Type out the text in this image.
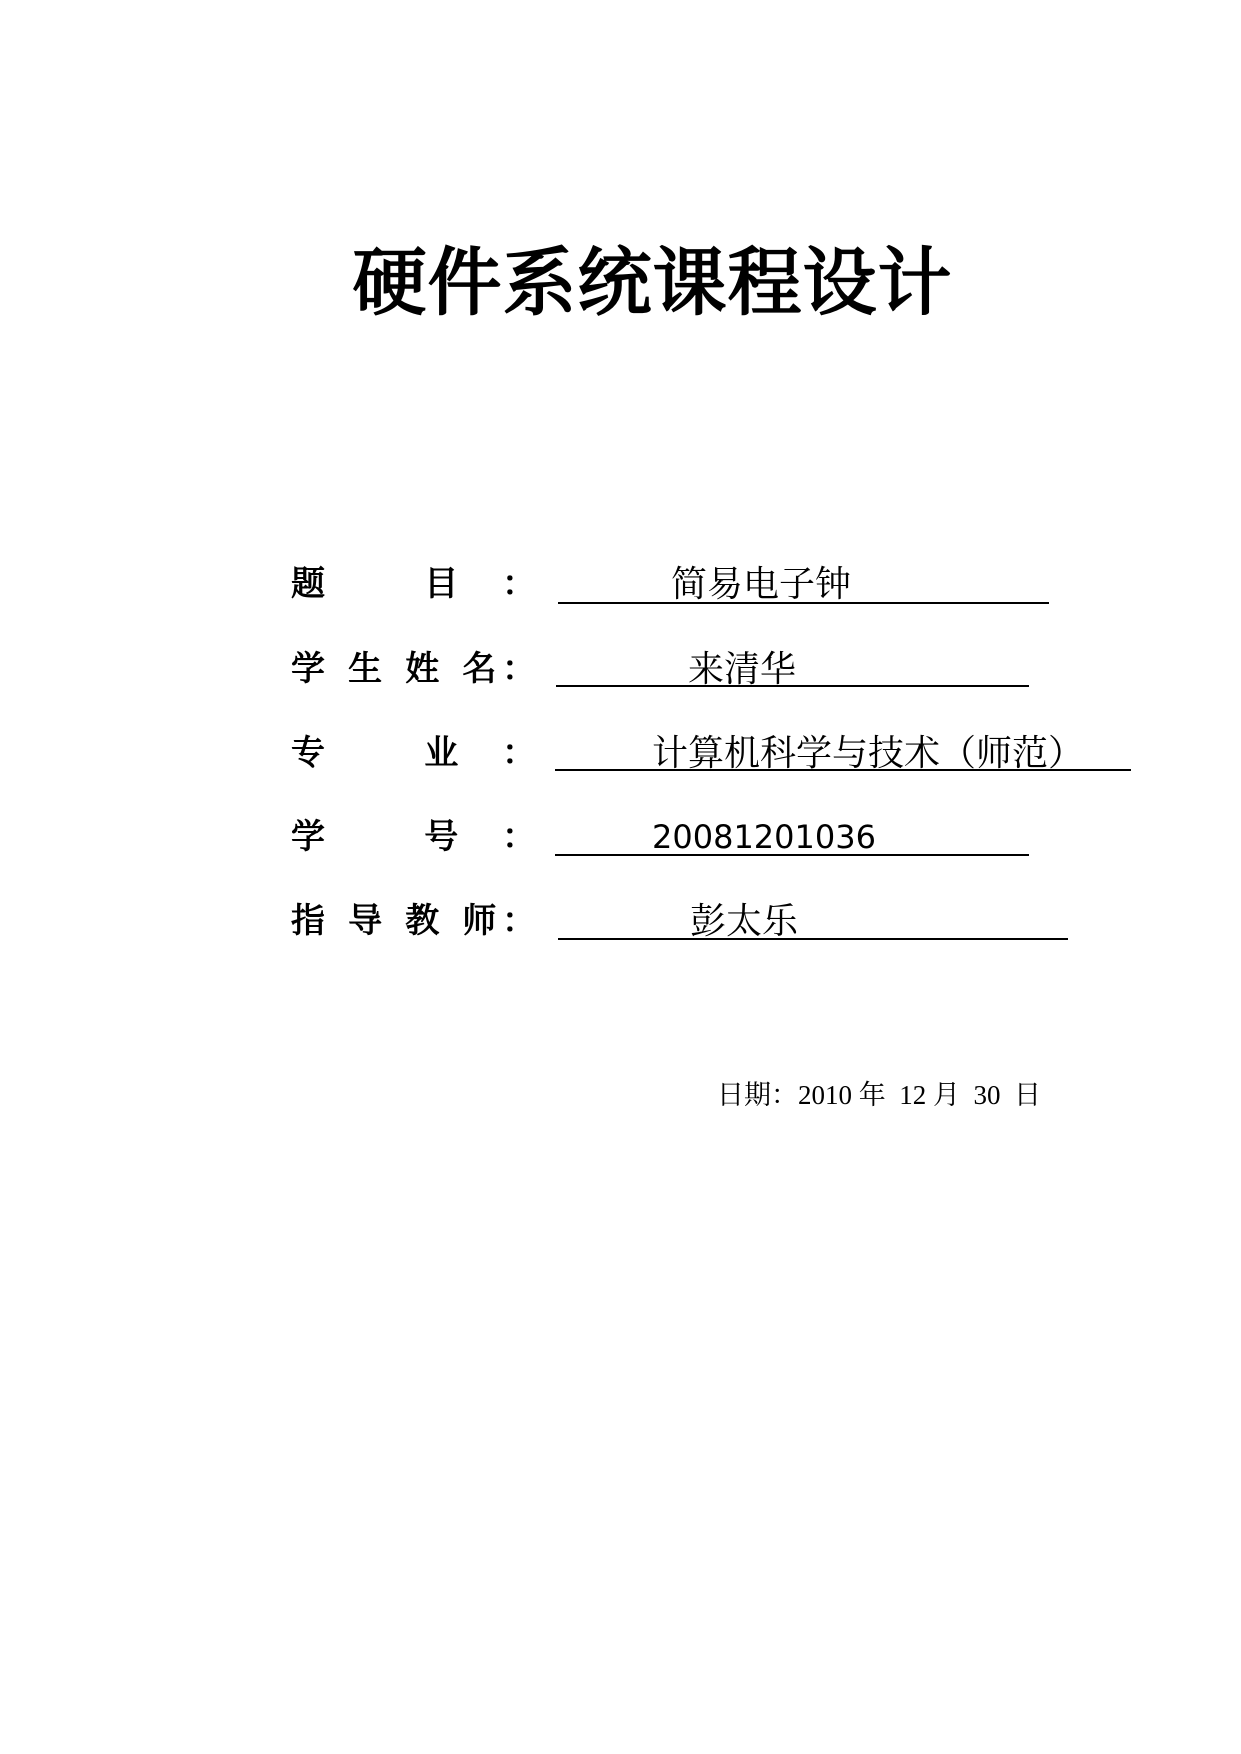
硬件系统课程设计
题 目：	简易电子钟
学 生 姓 名：	来清华
专 业：	计算机科学与技术（师范）
学 号：	20081201036
指 导 教 师：	彭太乐
日期：2010 年  12 月  30  日
